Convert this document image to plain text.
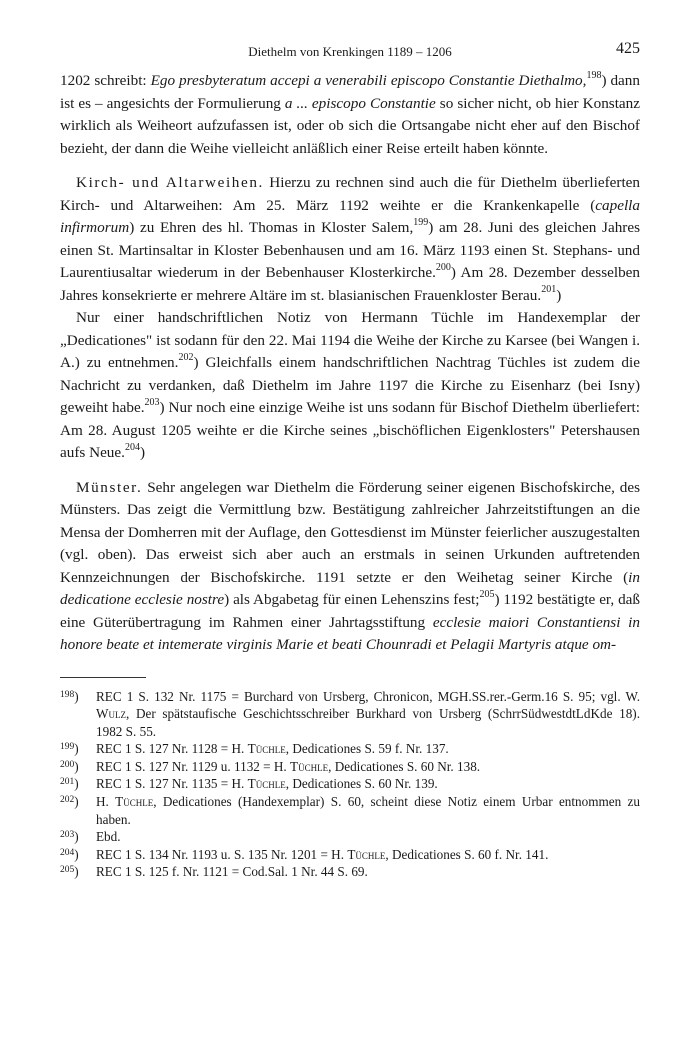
Diethelm von Krenkingen 1189 – 1206	425

1202 schreibt: Ego presbyteratum accepi a venerabili episcopo Constantie Diethalmo,$^{198}$) dann ist es – angesichts der Formulierung a ... episcopo Constantie so sicher nicht, ob hier Konstanz wirklich als Weiheort aufzufassen ist, oder ob sich die Ortsangabe nicht eher auf den Bischof bezieht, der dann die Weihe vielleicht anläßlich einer Reise erteilt haben könnte.

Kirch- und Altarweihen. Hierzu zu rechnen sind auch die für Diethelm überlieferten Kirch- und Altarweihen: Am 25. März 1192 weihte er die Krankenkapelle (capella infirmorum) zu Ehren des hl. Thomas in Kloster Salem,$^{199}$) am 28. Juni des gleichen Jahres einen St. Martinsaltar in Kloster Bebenhausen und am 16. März 1193 einen St. Stephans- und Laurentiusaltar wiederum in der Bebenhauser Klosterkirche.$^{200}$) Am 28. Dezember desselben Jahres konsekrierte er mehrere Altäre im st. blasianischen Frauenkloster Berau.$^{201}$)

Nur einer handschriftlichen Notiz von Hermann Tüchle im Handexemplar der „Dedicationes" ist sodann für den 22. Mai 1194 die Weihe der Kirche zu Karsee (bei Wangen i. A.) zu entnehmen.$^{202}$) Gleichfalls einem handschriftlichen Nachtrag Tüchles ist zudem die Nachricht zu verdanken, daß Diethelm im Jahre 1197 die Kirche zu Eisenharz (bei Isny) geweiht habe.$^{203}$) Nur noch eine einzige Weihe ist uns sodann für Bischof Diethelm überliefert: Am 28. August 1205 weihte er die Kirche seines „bischöflichen Eigenklosters" Petershausen aufs Neue.$^{204}$)

Münster. Sehr angelegen war Diethelm die Förderung seiner eigenen Bischofskirche, des Münsters. Das zeigt die Vermittlung bzw. Bestätigung zahlreicher Jahrzeitstiftungen an die Mensa der Domherren mit der Auflage, den Gottesdienst im Münster feierlicher auszugestalten (vgl. oben). Das erweist sich aber auch an erstmals in seinen Urkunden auftretenden Kennzeichnungen der Bischofskirche. 1191 setzte er den Weihetag seiner Kirche (in dedicatione ecclesie nostre) als Abgabetag für einen Lehenszins fest;$^{205}$) 1192 bestätigte er, daß eine Güterübertragung im Rahmen einer Jahrtagsstiftung ecclesie maiori Constantiensi in honore beate et intemerate virginis Marie et beati Chounradi et Pelagii Martyris atque om-

$^{198}$)	REC 1 S. 132 Nr. 1175 = Burchard von Ursberg, Chronicon, MGH.SS.rer.-Germ.16 S. 95; vgl. W. Wulz, Der spätstaufische Geschichtsschreiber Burkhard von Ursberg (SchrrSüdwestdtLdKde 18). 1982 S. 55.
$^{199}$)	REC 1 S. 127 Nr. 1128 = H. Tüchle, Dedicationes S. 59 f. Nr. 137.
$^{200}$)	REC 1 S. 127 Nr. 1129 u. 1132 = H. Tüchle, Dedicationes S. 60 Nr. 138.
$^{201}$)	REC 1 S. 127 Nr. 1135 = H. Tüchle, Dedicationes S. 60 Nr. 139.
$^{202}$)	H. Tüchle, Dedicationes (Handexemplar) S. 60, scheint diese Notiz einem Urbar entnommen zu haben.
$^{203}$)	Ebd.
$^{204}$)	REC 1 S. 134 Nr. 1193 u. S. 135 Nr. 1201 = H. Tüchle, Dedicationes S. 60 f. Nr. 141.
$^{205}$)	REC 1 S. 125 f. Nr. 1121 = Cod.Sal. 1 Nr. 44 S. 69.
